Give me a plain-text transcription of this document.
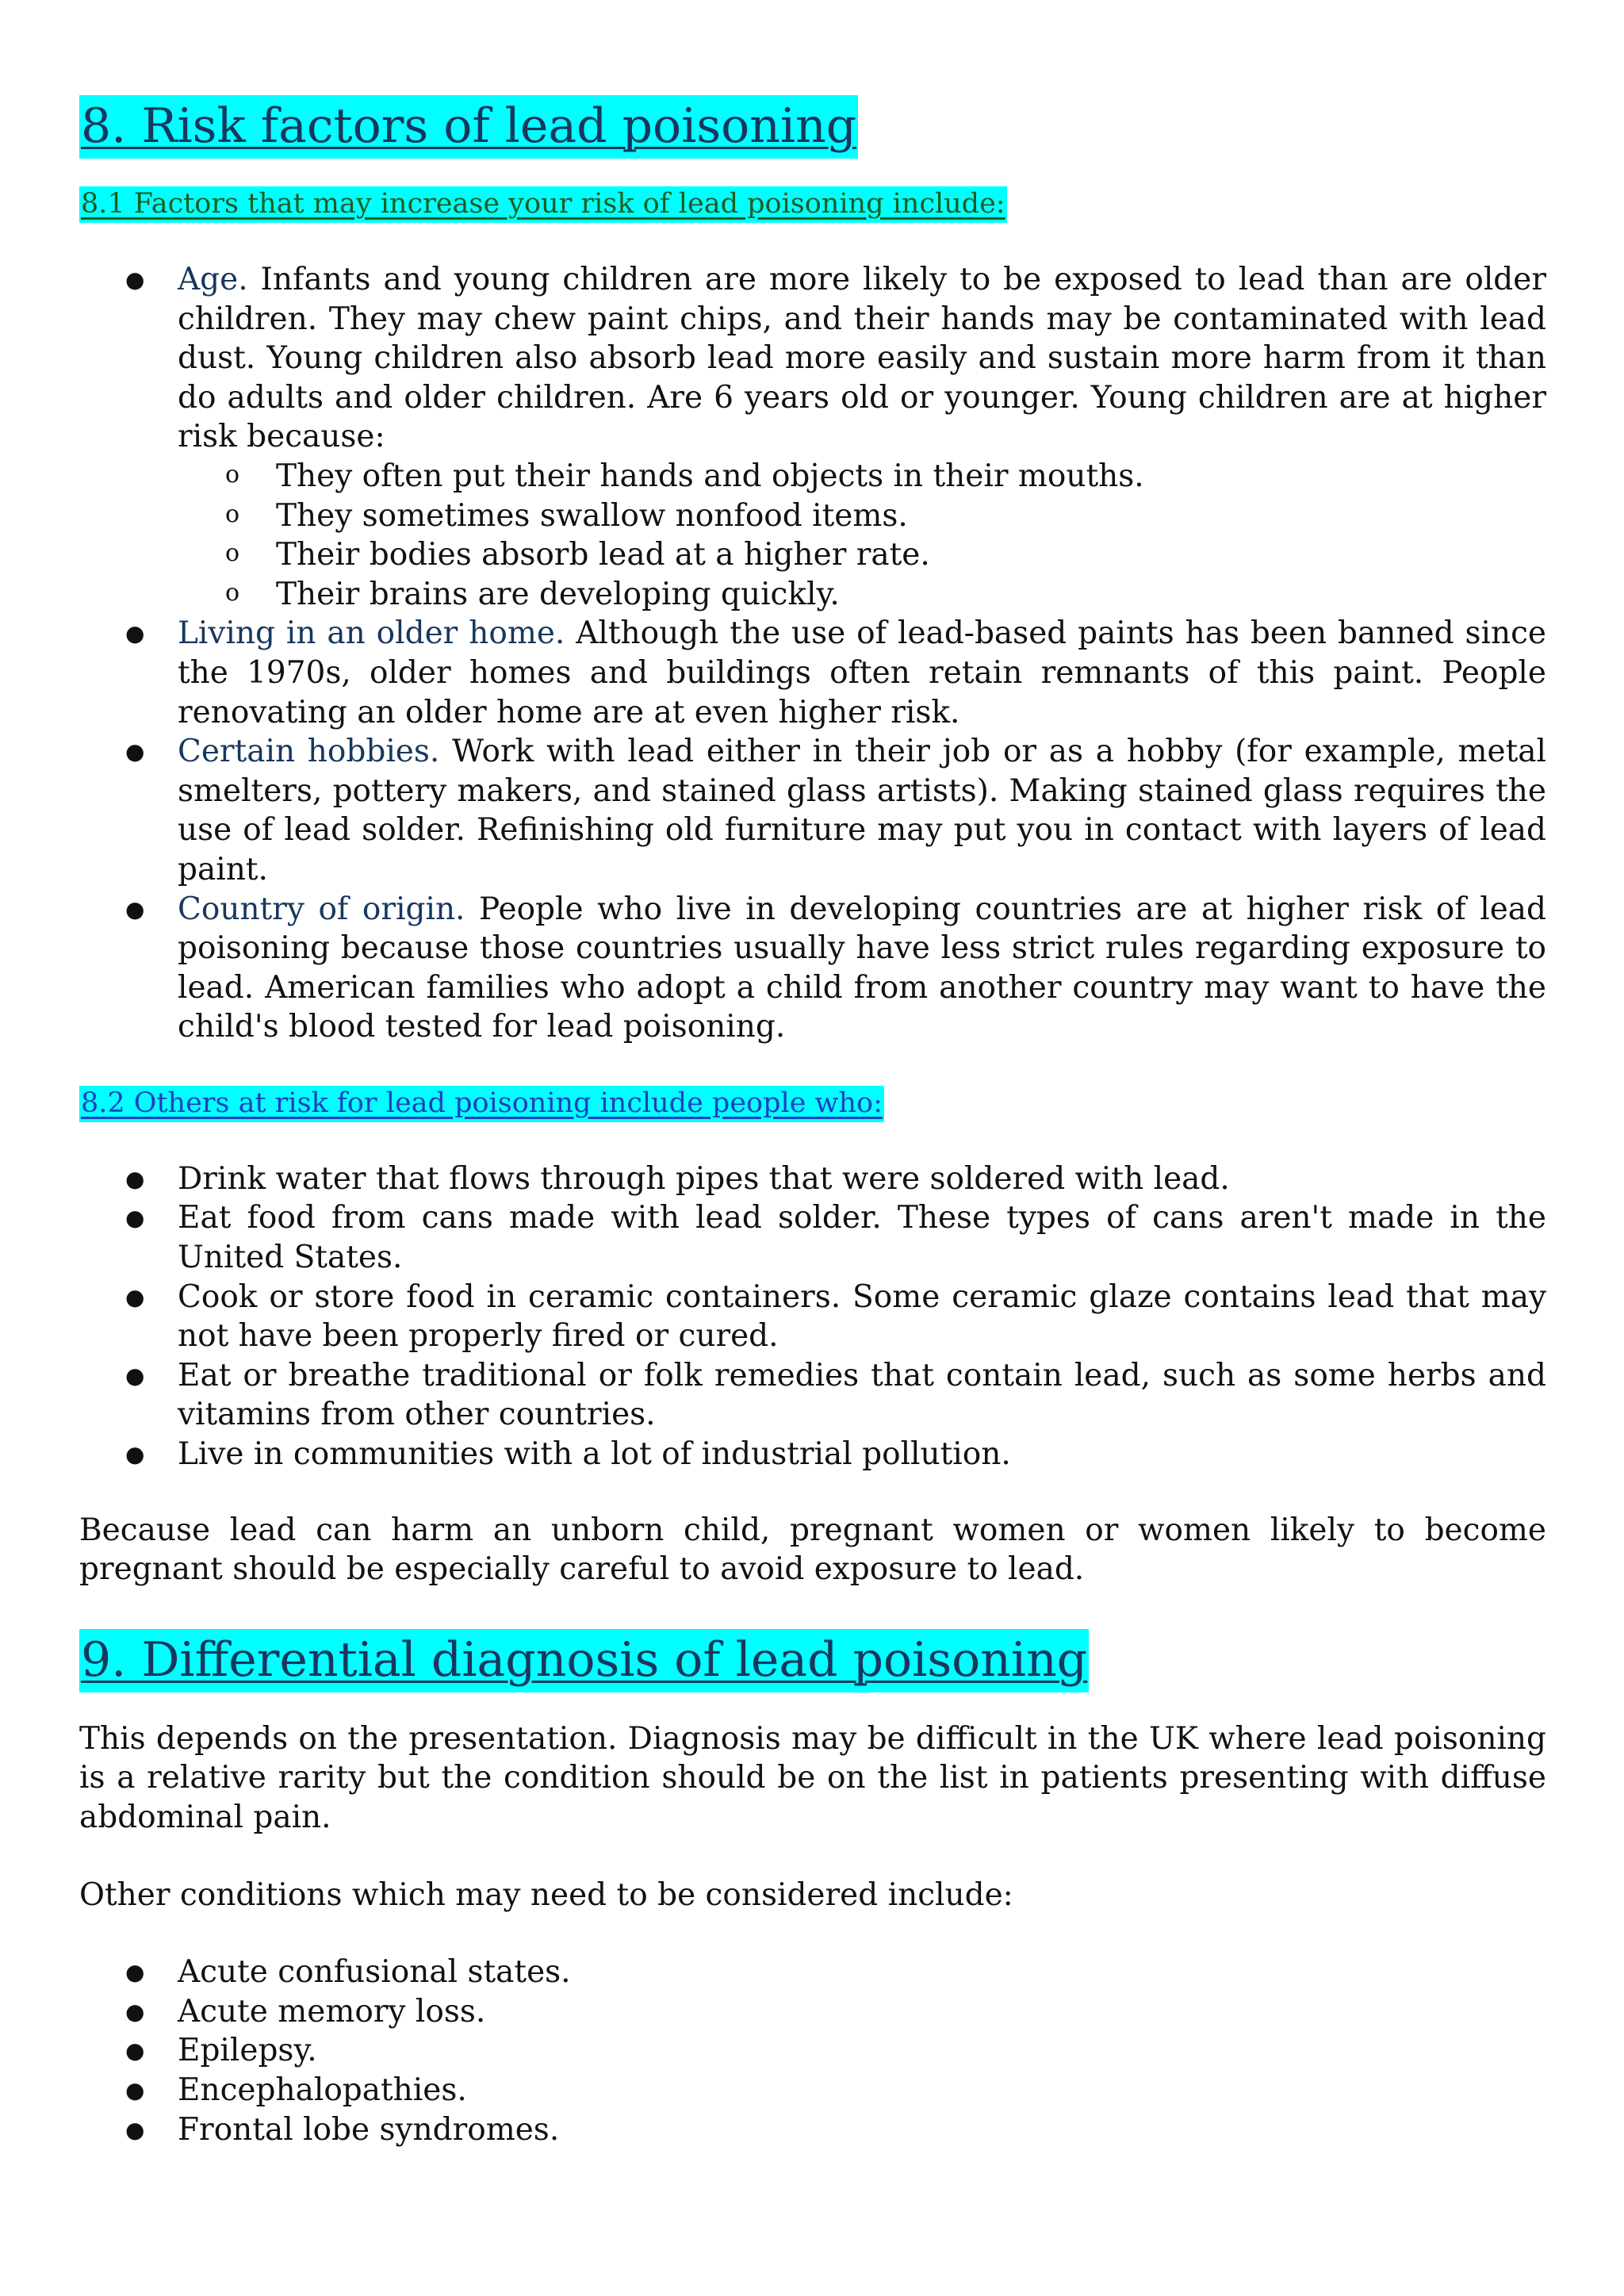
8. Risk factors of lead poisoning
8.1 Factors that may increase your risk of lead poisoning include:
● Age. Infants and young children are more likely to be exposed to lead than are older children. They may chew paint chips, and their hands may be contaminated with lead dust. Young children also absorb lead more easily and sustain more harm from it than do adults and older children. Are 6 years old or younger. Young children are at higher risk because:
o They often put their hands and objects in their mouths.
o They sometimes swallow nonfood items.
o Their bodies absorb lead at a higher rate.
o Their brains are developing quickly.
● Living in an older home. Although the use of lead-based paints has been banned since the 1970s, older homes and buildings often retain remnants of this paint. People renovating an older home are at even higher risk.
● Certain hobbies. Work with lead either in their job or as a hobby (for example, metal smelters, pottery makers, and stained glass artists). Making stained glass requires the use of lead solder. Refinishing old furniture may put you in contact with layers of lead paint.
● Country of origin. People who live in developing countries are at higher risk of lead poisoning because those countries usually have less strict rules regarding exposure to lead. American families who adopt a child from another country may want to have the child's blood tested for lead poisoning.
8.2 Others at risk for lead poisoning include people who:
● Drink water that flows through pipes that were soldered with lead.
● Eat food from cans made with lead solder. These types of cans aren't made in the United States.
● Cook or store food in ceramic containers. Some ceramic glaze contains lead that may not have been properly fired or cured.
● Eat or breathe traditional or folk remedies that contain lead, such as some herbs and vitamins from other countries.
● Live in communities with a lot of industrial pollution.

Because lead can harm an unborn child, pregnant women or women likely to become pregnant should be especially careful to avoid exposure to lead.

9. Differential diagnosis of lead poisoning

This depends on the presentation. Diagnosis may be difficult in the UK where lead poisoning is a relative rarity but the condition should be on the list in patients presenting with diffuse abdominal pain.

Other conditions which may need to be considered include:

● Acute confusional states.
● Acute memory loss.
● Epilepsy.
● Encephalopathies.
● Frontal lobe syndromes.
